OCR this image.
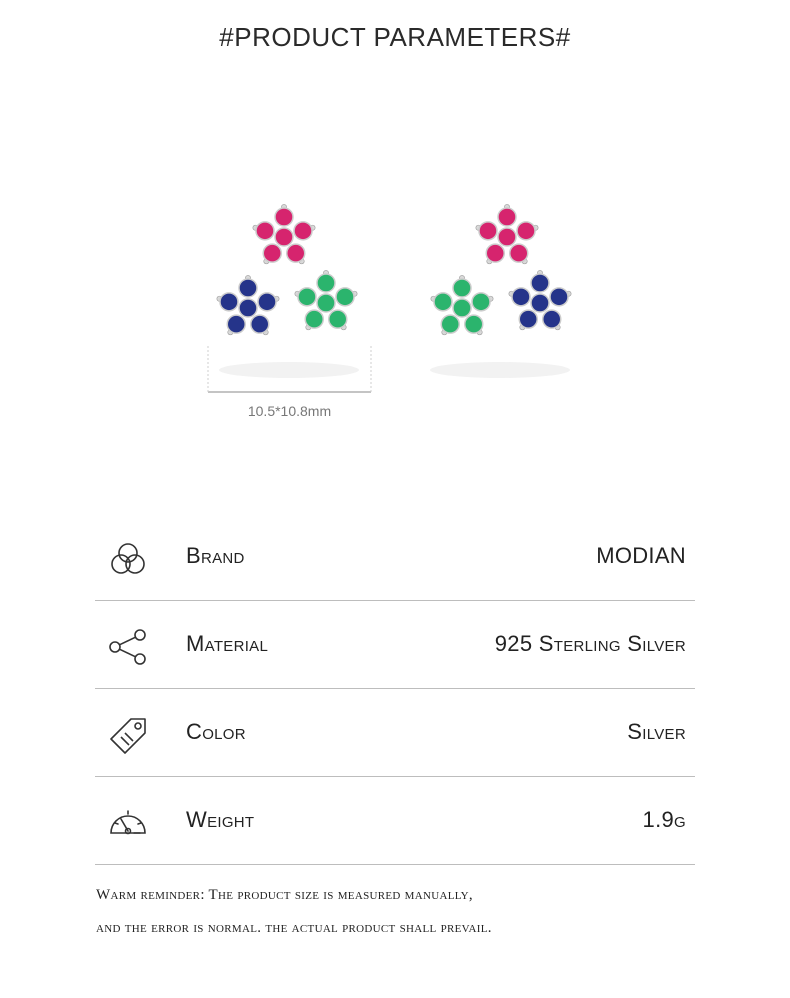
#PRODUCT PARAMETERS#
10.5*10.8mm
Brand	MODIAN
Material	925 Sterling Silver
Color	Silver
Weight	1.9g
Warm reminder: The product size is measured manually,
and the error is normal. the actual product shall prevail.
